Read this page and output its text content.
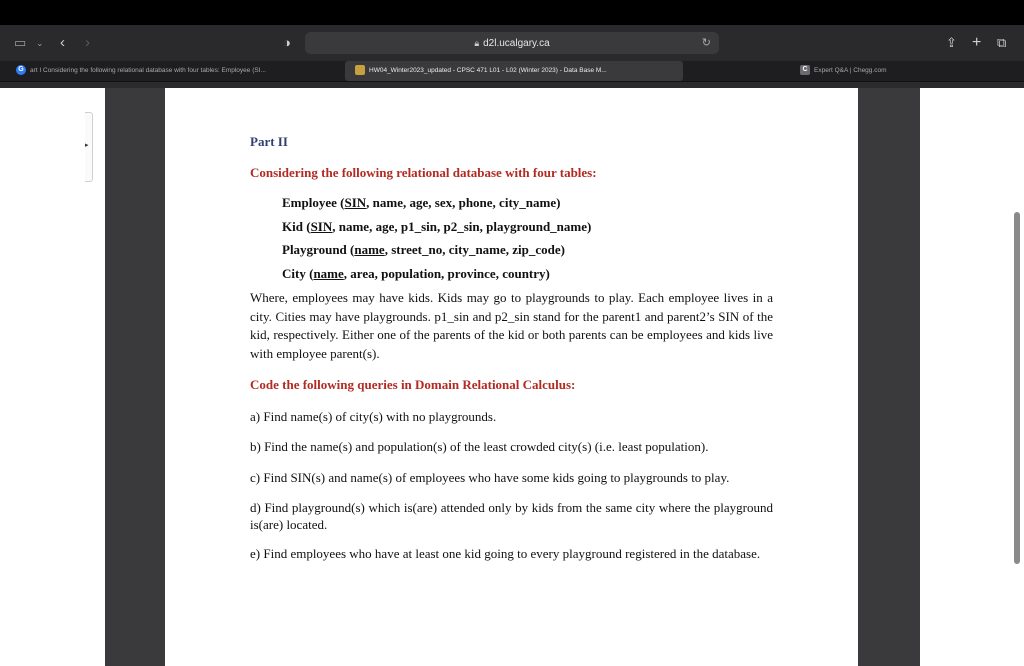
▭ ⌄ ‹ ›	◑	🔒︎ d2l.ucalgary.ca	↻	⇪ + ⧉
G art I Considering the following relational database with four tables: Employee (SI...	HW04_Winter2023_updated - CPSC 471 L01 - L02 (Winter 2023) - Data Base M...	C Expert Q&A | Chegg.com
▸	Part II
Considering the following relational database with four tables:
Employee (SIN, name, age, sex, phone, city_name)
Kid (SIN, name, age, p1_sin, p2_sin, playground_name)
Playground (name, street_no, city_name, zip_code)
City (name, area, population, province, country)
Where, employees may have kids. Kids may go to playgrounds to play. Each employee lives in a city. Cities may have playgrounds. p1_sin and p2_sin stand for the parent1 and parent2’s SIN of the kid, respectively. Either one of the parents of the kid or both parents can be employees and kids live with employee parent(s).
Code the following queries in Domain Relational Calculus:
a) Find name(s) of city(s) with no playgrounds.
b) Find the name(s) and population(s) of the least crowded city(s) (i.e. least population).
c) Find SIN(s) and name(s) of employees who have some kids going to playgrounds to play.
d) Find playground(s) which is(are) attended only by kids from the same city where the playground is(are) located.
e) Find employees who have at least one kid going to every playground registered in the database.
